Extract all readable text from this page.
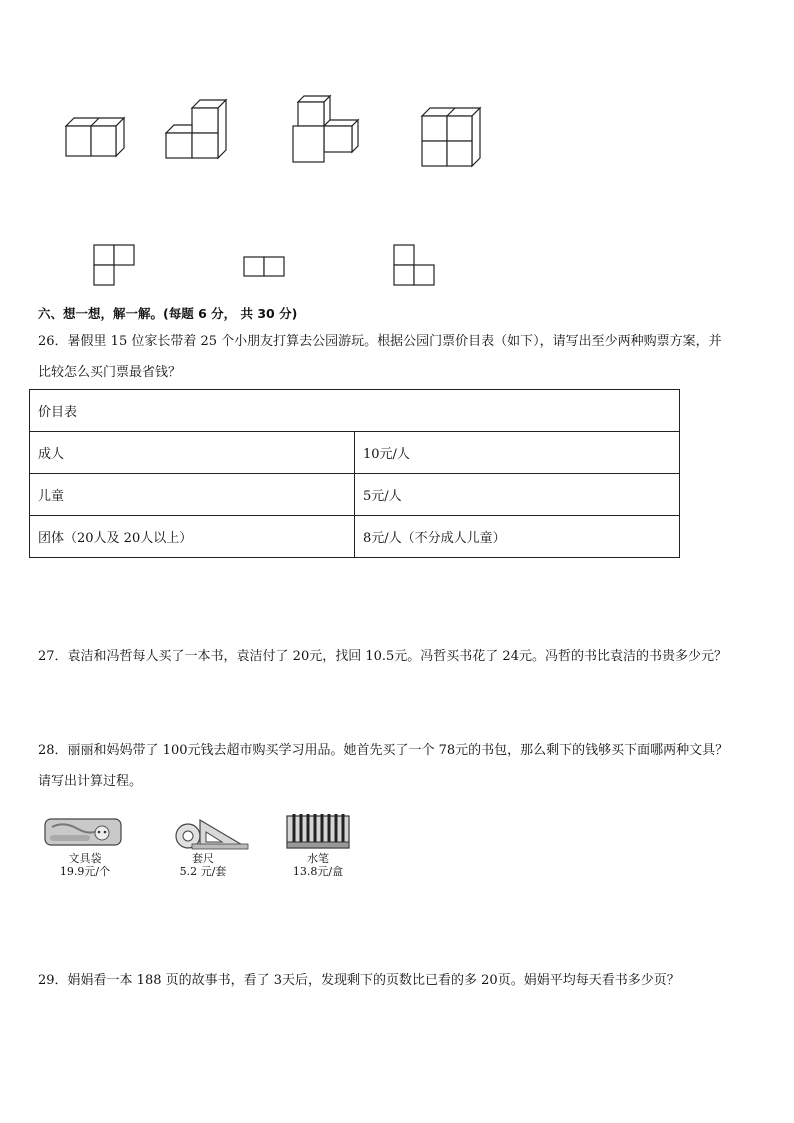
六、想一想，解一解。(每题 6 分， 共 30 分)
26．暑假里 15 位家长带着 25 个小朋友打算去公园游玩。根据公园门票价目表（如下），请写出至少两种购票方案，并
比较怎么买门票最省钱？
价目表	
成人	10元/人
儿童	5元/人
团体（20人及 20人以上）	8元/人（不分成人儿童）
27．袁洁和冯哲每人买了一本书，袁洁付了 20元，找回 10.5元。冯哲买书花了 24元。冯哲的书比袁洁的书贵多少元？
28．丽丽和妈妈带了 100元钱去超市购买学习用品。她首先买了一个 78元的书包，那么剩下的钱够买下面哪两种文具？
请写出计算过程。
文具袋
19.9元/个
套尺
5.2 元/套
水笔
13.8元/盒
29．娟娟看一本 188 页的故事书，看了 3天后，发现剩下的页数比已看的多 20页。娟娟平均每天看书多少页？
